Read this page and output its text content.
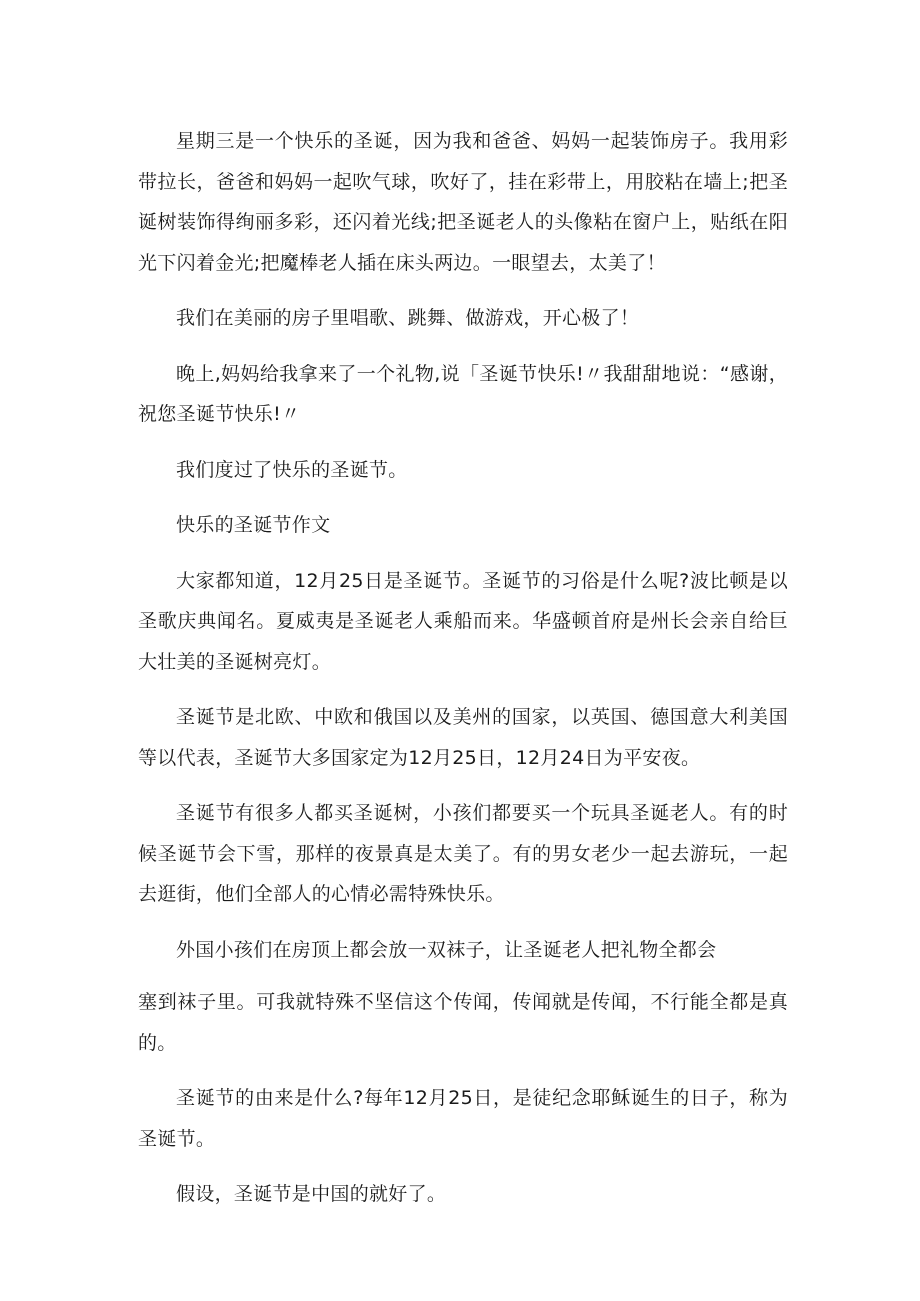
星期三是一个快乐的圣诞，因为我和爸爸、妈妈一起装饰房子。我用彩带拉长，爸爸和妈妈一起吹气球，吹好了，挂在彩带上，用胶粘在墙上;把圣诞树装饰得绚丽多彩，还闪着光线;把圣诞老人的头像粘在窗户上，贴纸在阳光下闪着金光;把魔棒老人插在床头两边。一眼望去，太美了！

我们在美丽的房子里唱歌、跳舞、做游戏，开心极了！

晚上,妈妈给我拿来了一个礼物,说「圣诞节快乐!〃我甜甜地说：“感谢，祝您圣诞节快乐!〃

我们度过了快乐的圣诞节。

快乐的圣诞节作文

大家都知道，12月25日是圣诞节。圣诞节的习俗是什么呢?波比顿是以圣歌庆典闻名。夏威夷是圣诞老人乘船而来。华盛顿首府是州长会亲自给巨大壮美的圣诞树亮灯。

圣诞节是北欧、中欧和俄国以及美州的国家，以英国、德国意大利美国等以代表，圣诞节大多国家定为12月25日，12月24日为平安夜。

圣诞节有很多人都买圣诞树，小孩们都要买一个玩具圣诞老人。有的时候圣诞节会下雪，那样的夜景真是太美了。有的男女老少一起去游玩，一起去逛街，他们全部人的心情必需特殊快乐。

外国小孩们在房顶上都会放一双袜子，让圣诞老人把礼物全都会

塞到袜子里。可我就特殊不坚信这个传闻，传闻就是传闻，不行能全都是真的。

圣诞节的由来是什么?每年12月25日，是徒纪念耶稣诞生的日子，称为圣诞节。

假设，圣诞节是中国的就好了。
